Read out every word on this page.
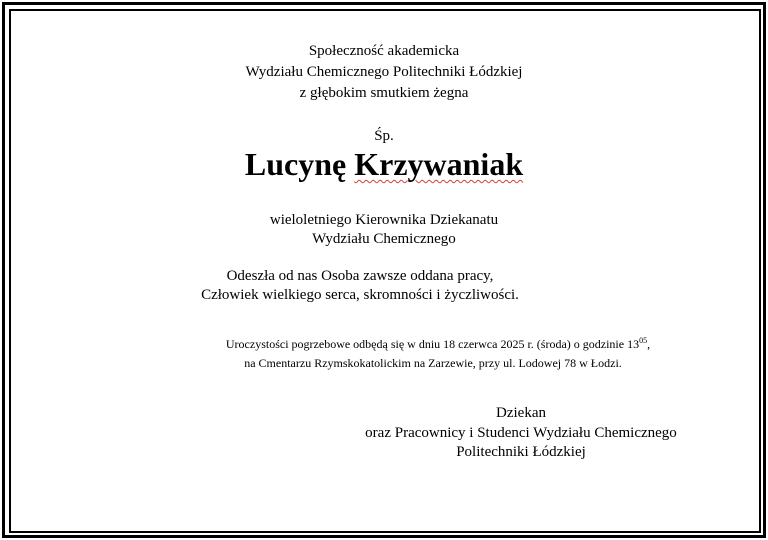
Społeczność akademicka
Wydziału Chemicznego Politechniki Łódzkiej
z głębokim smutkiem żegna
Śp.
Lucynę Krzywaniak
wieloletniego Kierownika Dziekanatu
Wydziału Chemicznego
Odeszła od nas Osoba zawsze oddana pracy,
Człowiek wielkiego serca, skromności i życzliwości.
Uroczystości pogrzebowe odbędą się w dniu 18 czerwca 2025 r. (środa) o godzinie $13^{05}$,
na Cmentarzu Rzymskokatolickim na Zarzewie, przy ul. Lodowej 78 w Łodzi.
Dziekan
oraz Pracownicy i Studenci Wydziału Chemicznego
Politechniki Łódzkiej
